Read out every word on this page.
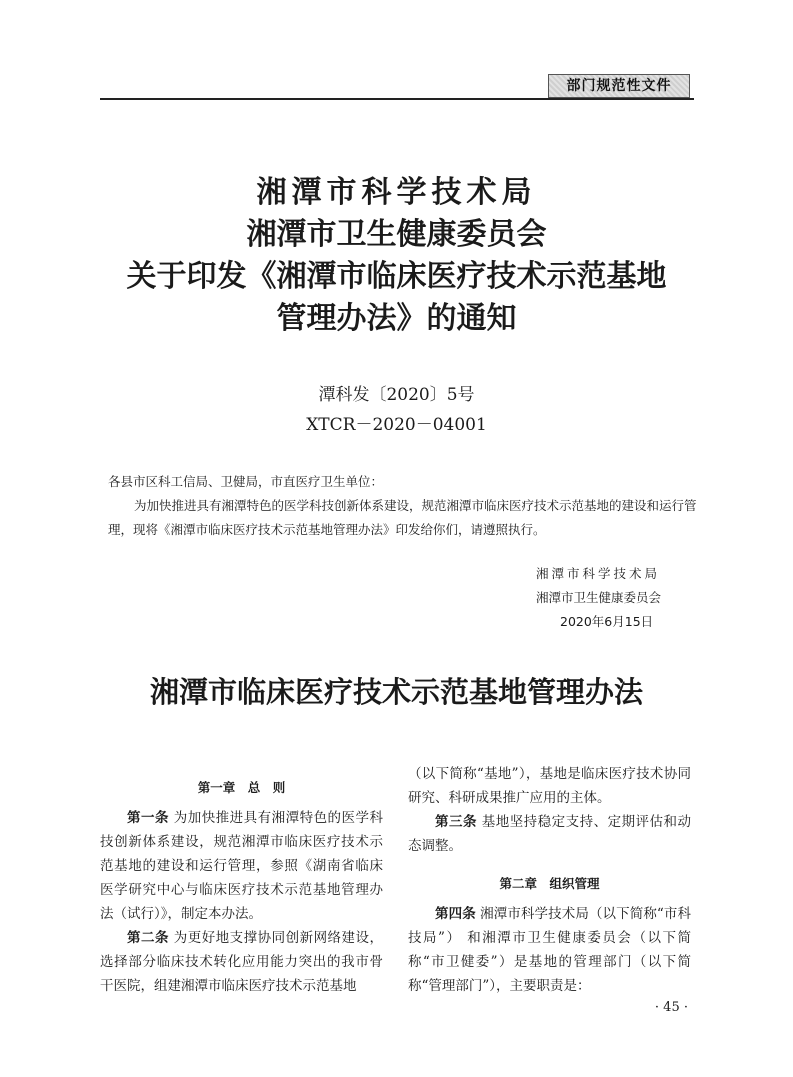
部门规范性文件
湘潭市科学技术局
湘潭市卫生健康委员会
关于印发《湘潭市临床医疗技术示范基地
管理办法》的通知
潭科发〔2020〕5号
XTCR－2020－04001

各县市区科工信局、卫健局，市直医疗卫生单位：

为加快推进具有湘潭特色的医学科技创新体系建设，规范湘潭市临床医疗技术示范基地的建设和运行管理，现将《湘潭市临床医疗技术示范基地管理办法》印发给你们，请遵照执行。

湘潭市科学技术局
湘潭市卫生健康委员会
2020年6月15日
湘潭市临床医疗技术示范基地管理办法
第一章　总　则

第一条 为加快推进具有湘潭特色的医学科技创新体系建设，规范湘潭市临床医疗技术示范基地的建设和运行管理，参照《湖南省临床医学研究中心与临床医疗技术示范基地管理办法（试行）》，制定本办法。

第二条 为更好地支撑协同创新网络建设，选择部分临床技术转化应用能力突出的我市骨干医院，组建湘潭市临床医疗技术示范基地

（以下简称“基地”），基地是临床医疗技术协同研究、科研成果推广应用的主体。

第三条 基地坚持稳定支持、定期评估和动态调整。

第二章　组织管理

第四条 湘潭市科学技术局（以下简称“市科技局”） 和湘潭市卫生健康委员会（以下简称“市卫健委”）是基地的管理部门（以下简称“管理部门”），主要职责是：

· 45 ·
